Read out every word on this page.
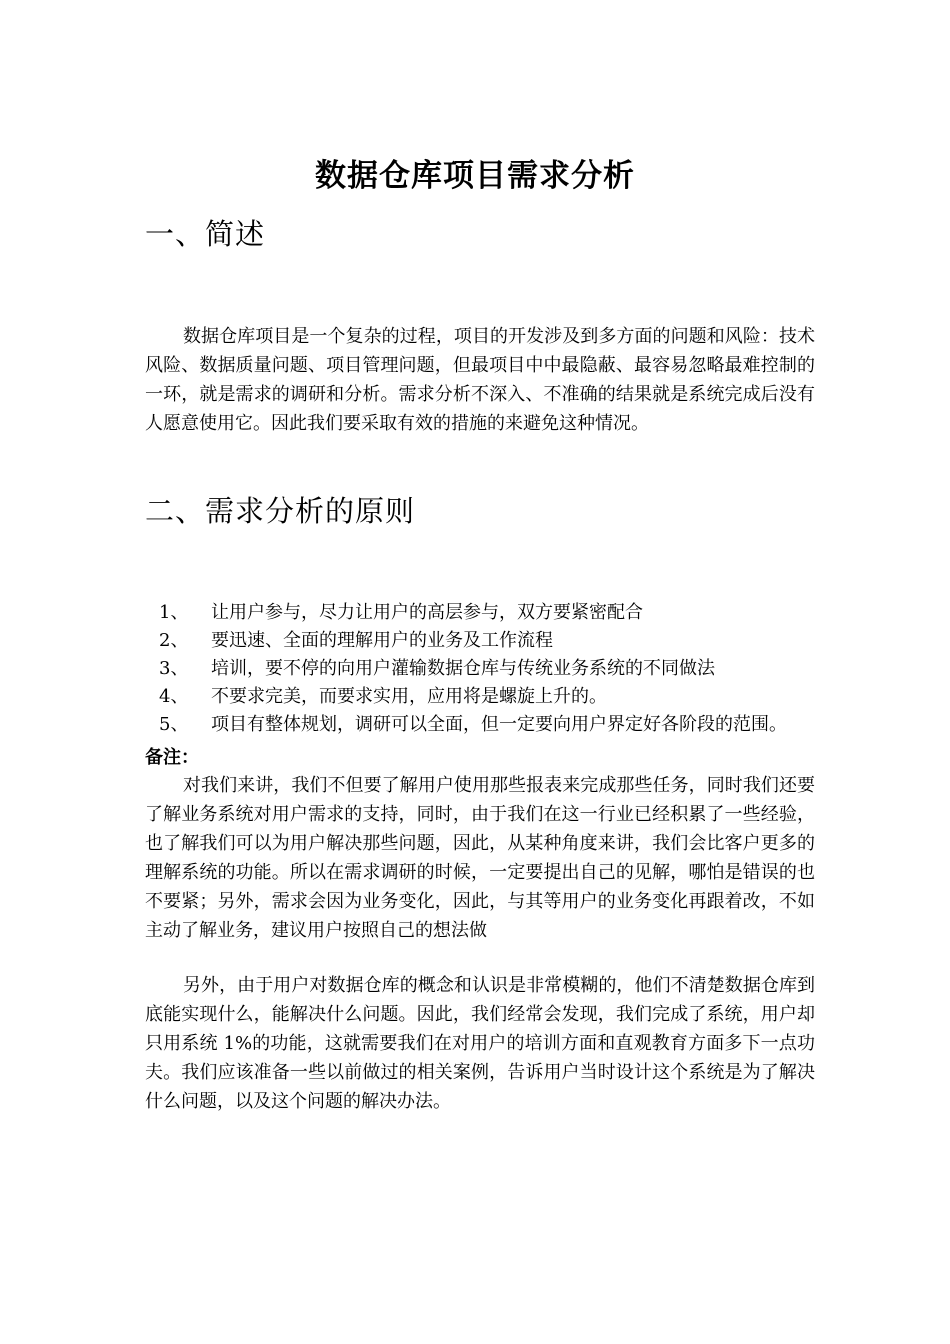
数据仓库项目需求分析
一、简述
数据仓库项目是一个复杂的过程，项目的开发涉及到多方面的问题和风险：技术风险、数据质量问题、项目管理问题，但最项目中中最隐蔽、最容易忽略最难控制的一环，就是需求的调研和分析。需求分析不深入、不准确的结果就是系统完成后没有人愿意使用它。因此我们要采取有效的措施的来避免这种情况。
二、需求分析的原则
1、	让用户参与，尽力让用户的高层参与，双方要紧密配合
2、	要迅速、全面的理解用户的业务及工作流程
3、	培训，要不停的向用户灌输数据仓库与传统业务系统的不同做法
4、	不要求完美，而要求实用，应用将是螺旋上升的。
5、	项目有整体规划，调研可以全面，但一定要向用户界定好各阶段的范围。
备注：
对我们来讲，我们不但要了解用户使用那些报表来完成那些任务，同时我们还要了解业务系统对用户需求的支持，同时，由于我们在这一行业已经积累了一些经验，也了解我们可以为用户解决那些问题，因此，从某种角度来讲，我们会比客户更多的理解系统的功能。所以在需求调研的时候，一定要提出自己的见解，哪怕是错误的也不要紧；另外，需求会因为业务变化，因此，与其等用户的业务变化再跟着改，不如主动了解业务，建议用户按照自己的想法做
另外，由于用户对数据仓库的概念和认识是非常模糊的，他们不清楚数据仓库到底能实现什么，能解决什么问题。因此，我们经常会发现，我们完成了系统，用户却只用系统 1%的功能，这就需要我们在对用户的培训方面和直观教育方面多下一点功夫。我们应该准备一些以前做过的相关案例，告诉用户当时设计这个系统是为了解决什么问题，以及这个问题的解决办法。
